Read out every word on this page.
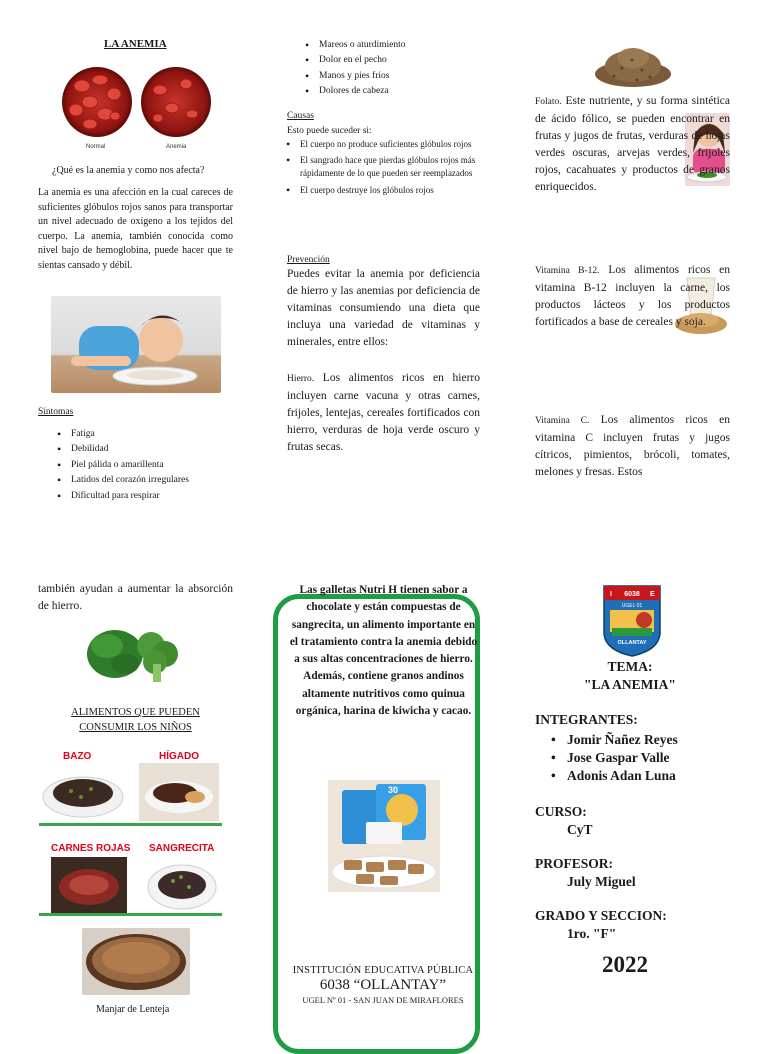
LA ANEMIA
Normal	Anemia
¿Qué es la anemia y como nos afecta?
La anemia es una afección en la cual careces de suficientes glóbulos rojos sanos para transportar un nivel adecuado de oxígeno a los tejidos del cuerpo. La anemia, también conocida como nivel bajo de hemoglobina, puede hacer que te sientas cansado y débil.
Síntomas
• Fatiga
• Debilidad
• Piel pálida o amarillenta
• Latidos del corazón irregulares
• Dificultad para respirar
• Mareos o aturdimiento
• Dolor en el pecho
• Manos y pies fríos
• Dolores de cabeza
Causas
Esto puede suceder si:
• El cuerpo no produce suficientes glóbulos rojos
• El sangrado hace que pierdas glóbulos rojos más rápidamente de lo que pueden ser reemplazados
• El cuerpo destruye los glóbulos rojos
Prevención
Puedes evitar la anemia por deficiencia de hierro y las anemias por deficiencia de vitaminas consumiendo una dieta que incluya una variedad de vitaminas y minerales, entre ellos:
Hierro. Los alimentos ricos en hierro incluyen carne vacuna y otras carnes, frijoles, lentejas, cereales fortificados con hierro, verduras de hoja verde oscuro y frutas secas.
Folato. Este nutriente, y su forma sintética de ácido fólico, se pueden encontrar en frutas y jugos de frutas, verduras de hojas verdes oscuras, arvejas verdes, frijoles rojos, cacahuates y productos de granos enriquecidos.
Vitamina B-12. Los alimentos ricos en vitamina B-12 incluyen la carne, los productos lácteos y los productos fortificados a base de cereales y soja.
Vitamina C. Los alimentos ricos en vitamina C incluyen frutas y jugos cítricos, pimientos, brócoli, tomates, melones y fresas. Estos
también ayudan a aumentar la absorción de hierro.
ALIMENTOS QUE PUEDEN
CONSUMIR LOS NIÑOS
BAZO	HÍGADO
CARNES ROJAS SANGRECITA
Manjar de Lenteja
Las galletas Nutri H tienen sabor a chocolate y están compuestas de sangrecita, un alimento importante en el tratamiento contra la anemia debido a sus altas concentraciones de hierro. Además, contiene granos andinos altamente nutritivos como quinua orgánica, harina de kiwicha y cacao.
30
INSTITUCIÓN EDUCATIVA PÚBLICA
6038 “OLLANTAY”
UGEL Nº 01 - SAN JUAN DE MIRAFLORES
6038
I	E
UGEL 01
OLLANTAY
TEMA:
"LA ANEMIA"
INTEGRANTES:
• Jomir Ñañez Reyes
• Jose Gaspar Valle
• Adonis Adan Luna
CURSO:
CyT
PROFESOR:
July Miguel
GRADO Y SECCION:
1ro. "F"
2022
